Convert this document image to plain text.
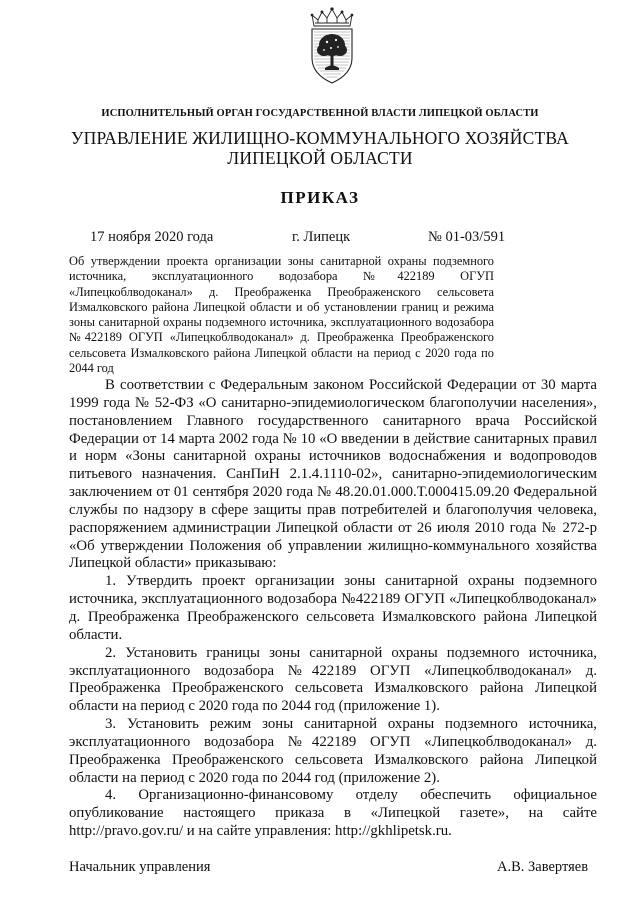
ИСПОЛНИТЕЛЬНЫЙ ОРГАН ГОСУДАРСТВЕННОЙ ВЛАСТИ ЛИПЕЦКОЙ ОБЛАСТИ
УПРАВЛЕНИЕ ЖИЛИЩНО-КОММУНАЛЬНОГО ХОЗЯЙСТВА
ЛИПЕЦКОЙ ОБЛАСТИ
ПРИКАЗ
17 ноября 2020 года	г. Липецк	№ 01-03/591
Об утверждении проекта организации зоны санитарной охраны подземного источника, эксплуатационного водозабора №422189 ОГУП «Липецкоблводоканал» д. Преображенка Преображенского сельсовета Измалковского района Липецкой области и об установлении границ и режима зоны санитарной охраны подземного источника, эксплуатационного водозабора №422189 ОГУП «Липецкоблводоканал» д. Преображенка Преображенского сельсовета Измалковского района Липецкой области на период с 2020 года по 2044 год

В соответствии с Федеральным законом Российской Федерации от 30 марта 1999 года № 52-ФЗ «О санитарно-эпидемиологическом благополучии населения», постановлением Главного государственного санитарного врача Российской Федерации от 14 марта 2002 года № 10 «О введении в действие санитарных правил и норм «Зоны санитарной охраны источников водоснабжения и водопроводов питьевого назначения. СанПиН 2.1.4.1110-02», санитарно-эпидемиологическим заключением от 01 сентября 2020 года № 48.20.01.000.Т.000415.09.20 Федеральной службы по надзору в сфере защиты прав потребителей и благополучия человека, распоряжением администрации Липецкой области от 26 июля 2010 года № 272-р «Об утверждении Положения об управлении жилищно-коммунального хозяйства Липецкой области» приказываю:

1. Утвердить проект организации зоны санитарной охраны подземного источника, эксплуатационного водозабора №422189 ОГУП «Липецкоблводоканал» д. Преображенка Преображенского сельсовета Измалковского района Липецкой области.

2. Установить границы зоны санитарной охраны подземного источника, эксплуатационного водозабора №422189 ОГУП «Липецкоблводоканал» д. Преображенка Преображенского сельсовета Измалковского района Липецкой области на период с 2020 года по 2044 год (приложение 1).

3. Установить режим зоны санитарной охраны подземного источника, эксплуатационного водозабора №422189 ОГУП «Липецкоблводоканал» д. Преображенка Преображенского сельсовета Измалковского района Липецкой области на период с 2020 года по 2044 год (приложение 2).

4. Организационно-финансовому отделу обеспечить официальное опубликование настоящего приказа в «Липецкой газете», на сайте http://pravo.gov.ru/ и на сайте управления: http://gkhlipetsk.ru.

Начальник управления	А.В. Завертяев
